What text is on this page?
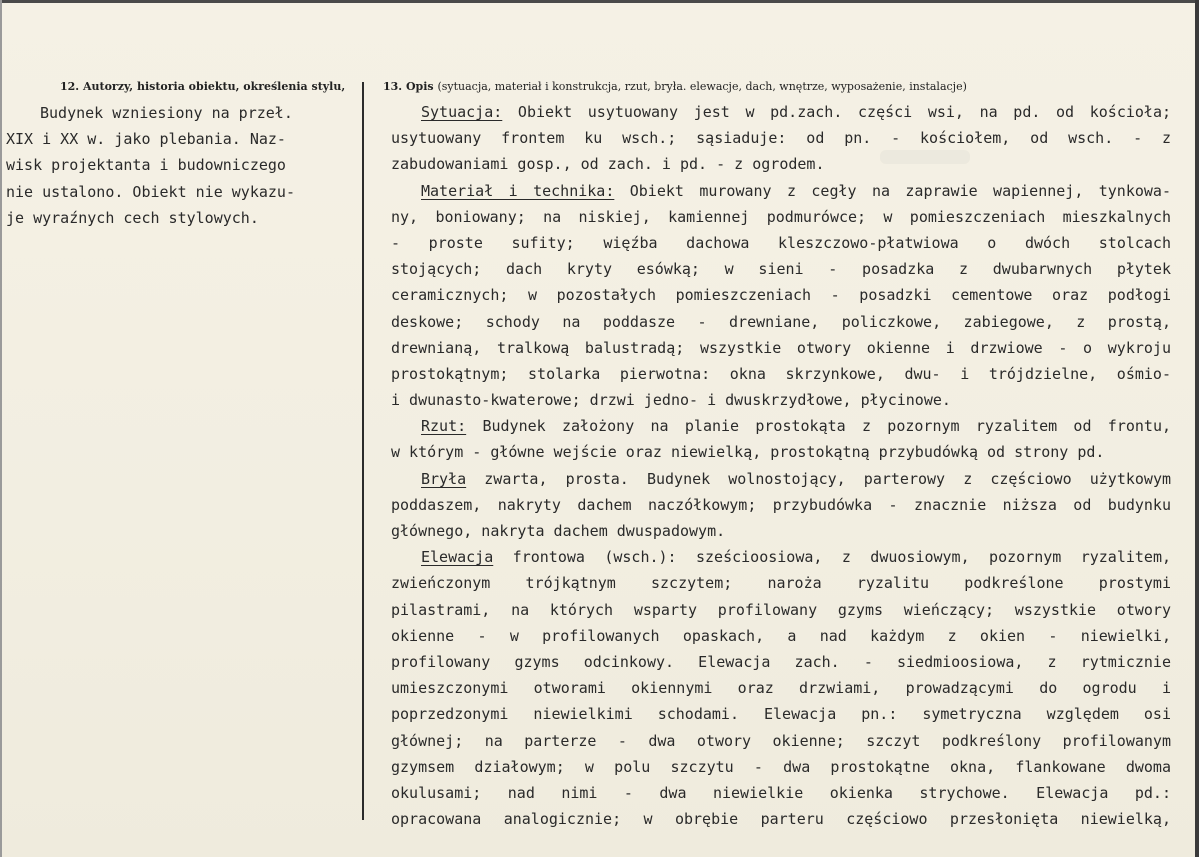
12. Autorzy, historia obiektu, określenia stylu,
Budynek wzniesiony na przeł.
XIX i XX w. jako plebania. Naz-
wisk projektanta i budowniczego
nie ustalono. Obiekt nie wykazu-
je wyraźnych cech stylowych.
13. Opis (sytuacja, materiał i konstrukcja, rzut, bryła. elewacje, dach, wnętrze, wyposażenie, instalacje)
Sytuacja: Obiekt usytuowany jest w pd.zach. części wsi, na pd. od kościoła;
usytuowany frontem ku wsch.; sąsiaduje: od pn. - kościołem, od wsch. - z
zabudowaniami gosp., od zach. i pd. - z ogrodem.
Materiał i technika: Obiekt murowany z cegły na zaprawie wapiennej, tynkowa-
ny, boniowany; na niskiej, kamiennej podmurówce; w pomieszczeniach mieszkalnych
- proste sufity; więźba dachowa kleszczowo-płatwiowa o dwóch stolcach
stojących; dach kryty esówką; w sieni - posadzka z dwubarwnych płytek
ceramicznych; w pozostałych pomieszczeniach - posadzki cementowe oraz podłogi
deskowe; schody na poddasze - drewniane, policzkowe, zabiegowe, z prostą,
drewnianą, tralkową balustradą; wszystkie otwory okienne i drzwiowe - o wykroju
prostokątnym; stolarka pierwotna: okna skrzynkowe, dwu- i trójdzielne, ośmio-
i dwunasto-kwaterowe; drzwi jedno- i dwuskrzydłowe, płycinowe.
Rzut: Budynek założony na planie prostokąta z pozornym ryzalitem od frontu,
w którym - główne wejście oraz niewielką, prostokątną przybudówką od strony pd.
Bryła zwarta, prosta. Budynek wolnostojący, parterowy z częściowo użytkowym
poddaszem, nakryty dachem naczółkowym; przybudówka - znacznie niższa od budynku
głównego, nakryta dachem dwuspadowym.
Elewacja frontowa (wsch.): sześcioosiowa, z dwuosiowym, pozornym ryzalitem,
zwieńczonym trójkątnym szczytem; naroża ryzalitu podkreślone prostymi
pilastrami, na których wsparty profilowany gzyms wieńczący; wszystkie otwory
okienne - w profilowanych opaskach, a nad każdym z okien - niewielki,
profilowany gzyms odcinkowy. Elewacja zach. - siedmioosiowa, z rytmicznie
umieszczonymi otworami okiennymi oraz drzwiami, prowadzącymi do ogrodu i
poprzedzonymi niewielkimi schodami. Elewacja pn.: symetryczna względem osi
głównej; na parterze - dwa otwory okienne; szczyt podkreślony profilowanym
gzymsem działowym; w polu szczytu - dwa prostokątne okna, flankowane dwoma
okulusami; nad nimi - dwa niewielkie okienka strychowe. Elewacja pd.:
opracowana analogicznie; w obrębie parteru częściowo przesłonięta niewielką,
